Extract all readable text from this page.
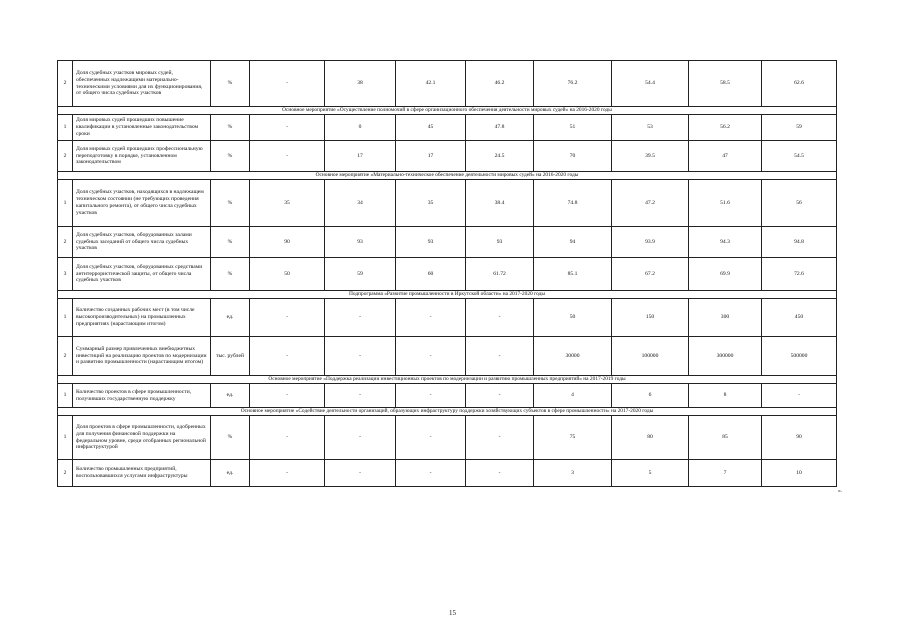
2	Доля судебных участков мировых судей, обеспеченных надлежащими материально-техническими условиями для их функционирования, от общего числа судебных участков	%	-	38	42.1	46.2	76.2	54.4	58.5	62.6
Основное мероприятие «Осуществление полномочий в сфере организационного обеспечения деятельности мировых судей» на 2016-2020 годы										
1	Доля мировых судей прошедших повышение квалификации в установленные законодательством сроки	%	-	0	45	47.8	51	53	56.2	59
2	Доля мировых судей прошедших профессиональную переподготовку в порядке, установленном законодательством	%	-	17	17	24.5	70	39.5	47	54.5
Основное мероприятие «Материально-техническое обеспечение деятельности мировых судей» на 2016-2020 годы										
1	Доля судебных участков, находящихся в надлежащем техническом состоянии (не требующих проведения капитального ремонта), от общего числа судебных участков	%	35	34	35	38.4	74.8	47.2	51.6	56
2	Доля судебных участков, оборудованных залами судебных заседаний от общего числа судебных участков	%	90	93	93	93	94	93.9	94.3	94.8
3	Доля судебных участков, оборудованных средствами антитеррористической защиты, от общего числа судебных участков	%	50	59	60	61.72	85.1	67.2	69.9	72.6
Подпрограмма «Развитие промышленности в Иркутской области» на 2017-2020 годы										
1	Количество созданных рабочих мест (в том числе высокопроизводительных) на промышленных предприятиях (нарастающим итогом)	ед.	-	-	-	-	50	150	300	450
2	Суммарный размер привлеченных внебюджетных инвестиций на реализацию проектов по модернизации и развитию промышленности (нарастающим итогом)	тыс. рублей	-	-	-	-	30000	100000	300000	500000
Основное мероприятие «Поддержка реализации инвестиционных проектов по модернизации и развитию промышленных предприятий» на 2017-2019 годы										
1	Количество проектов в сфере промышленности, получивших государственную поддержку	ед.	-	-	-	-	4	6	8	-
Основное мероприятие «Содействие деятельности организаций, образующих инфраструктуру поддержки хозяйствующих субъектов в сфере промышленности» на 2017-2020 годы										
1	Доля проектов в сфере промышленности, одобренных для получения финансовой поддержки на федеральном уровне, среди отобранных региональной инфраструктурой	%	-	-	-	-	75	80	85	90
2	Количество промышленных предприятий, воспользовавшихся услугами инфраструктуры	ед.	-	-	-	-	3	5	7	10
».
15
